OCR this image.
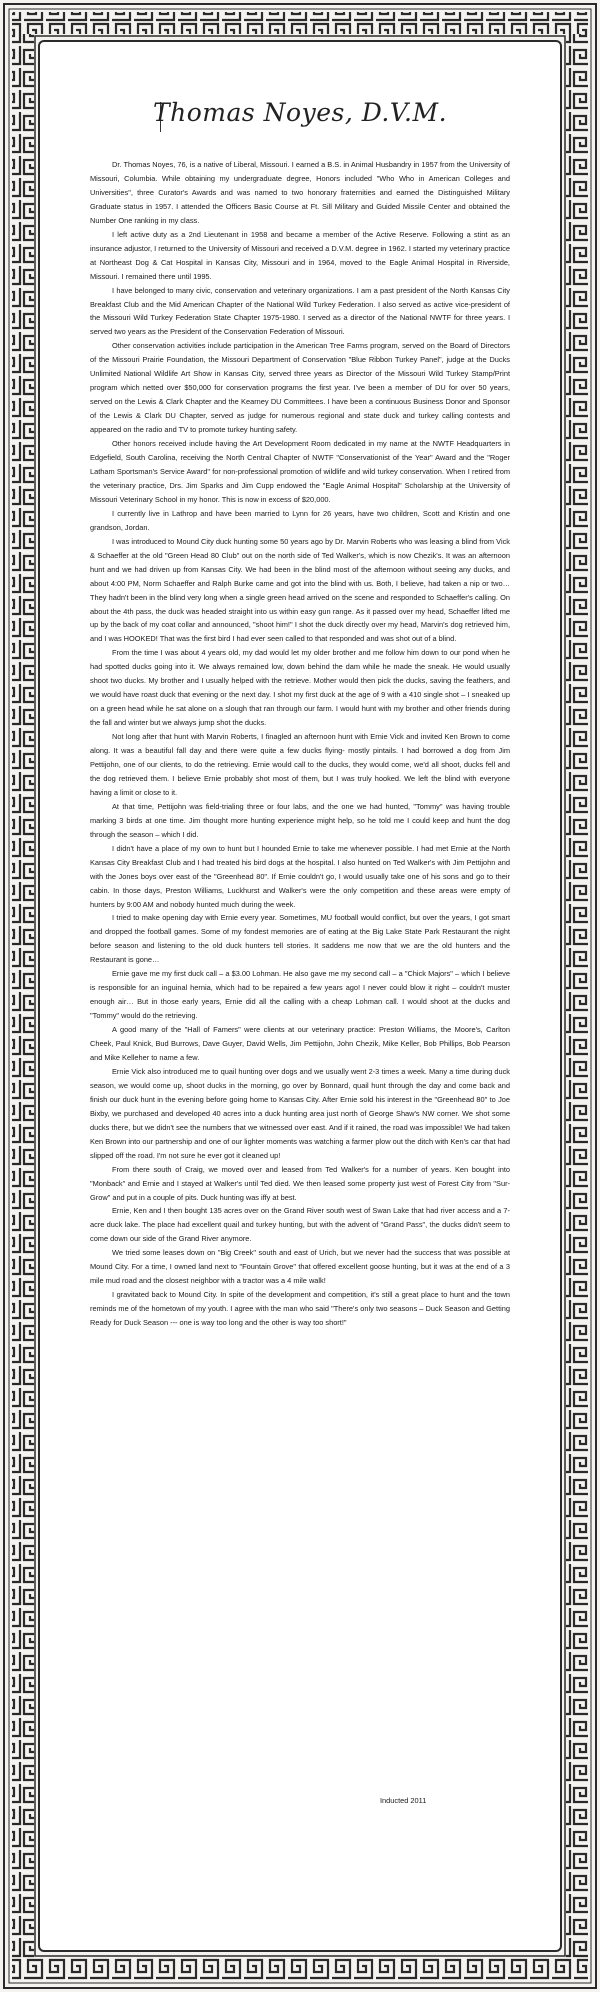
Thomas Noyes, D.V.M.

Dr. Thomas Noyes, 76, is a native of Liberal, Missouri. I earned a B.S. in Animal Husbandry in 1957 from the University of Missouri, Columbia. While obtaining my undergraduate degree, Honors included "Who Who in American Colleges and Universities", three Curator's Awards and was named to two honorary fraternities and earned the Distinguished Military Graduate status in 1957. I attended the Officers Basic Course at Ft. Sill Military and Guided Missile Center and obtained the Number One ranking in my class.

I left active duty as a 2nd Lieutenant in 1958 and became a member of the Active Reserve. Following a stint as an insurance adjustor, I returned to the University of Missouri and received a D.V.M. degree in 1962. I started my veterinary practice at Northeast Dog & Cat Hospital in Kansas City, Missouri and in 1964, moved to the Eagle Animal Hospital in Riverside, Missouri. I remained there until 1995.

I have belonged to many civic, conservation and veterinary organizations. I am a past president of the North Kansas City Breakfast Club and the Mid American Chapter of the National Wild Turkey Federation. I also served as active vice-president of the Missouri Wild Turkey Federation State Chapter 1975-1980. I served as a director of the National NWTF for three years. I served two years as the President of the Conservation Federation of Missouri.

Other conservation activities include participation in the American Tree Farms program, served on the Board of Directors of the Missouri Prairie Foundation, the Missouri Department of Conservation "Blue Ribbon Turkey Panel", judge at the Ducks Unlimited National Wildlife Art Show in Kansas City, served three years as Director of the Missouri Wild Turkey Stamp/Print program which netted over $50,000 for conservation programs the first year. I've been a member of DU for over 50 years, served on the Lewis & Clark Chapter and the Kearney DU Committees. I have been a continuous Business Donor and Sponsor of the Lewis & Clark DU Chapter, served as judge for numerous regional and state duck and turkey calling contests and appeared on the radio and TV to promote turkey hunting safety.

Other honors received include having the Art Development Room dedicated in my name at the NWTF Headquarters in Edgefield, South Carolina, receiving the North Central Chapter of NWTF "Conservationist of the Year" Award and the "Roger Latham Sportsman's Service Award" for non-professional promotion of wildlife and wild turkey conservation. When I retired from the veterinary practice, Drs. Jim Sparks and Jim Cupp endowed the "Eagle Animal Hospital" Scholarship at the University of Missouri Veterinary School in my honor. This is now in excess of $20,000.

I currently live in Lathrop and have been married to Lynn for 26 years, have two children, Scott and Kristin and one grandson, Jordan.

I was introduced to Mound City duck hunting some 50 years ago by Dr. Marvin Roberts who was leasing a blind from Vick & Schaeffer at the old "Green Head 80 Club" out on the north side of Ted Walker's, which is now Chezik's. It was an afternoon hunt and we had driven up from Kansas City. We had been in the blind most of the afternoon without seeing any ducks, and about 4:00 PM, Norm Schaeffer and Ralph Burke came and got into the blind with us. Both, I believe, had taken a nip or two… They hadn't been in the blind very long when a single green head arrived on the scene and responded to Schaeffer's calling. On about the 4th pass, the duck was headed straight into us within easy gun range. As it passed over my head, Schaeffer lifted me up by the back of my coat collar and announced, "shoot him!" I shot the duck directly over my head, Marvin's dog retrieved him, and I was HOOKED! That was the first bird I had ever seen called to that responded and was shot out of a blind.

From the time I was about 4 years old, my dad would let my older brother and me follow him down to our pond when he had spotted ducks going into it. We always remained low, down behind the dam while he made the sneak. He would usually shoot two ducks. My brother and I usually helped with the retrieve. Mother would then pick the ducks, saving the feathers, and we would have roast duck that evening or the next day. I shot my first duck at the age of 9 with a 410 single shot – I sneaked up on a green head while he sat alone on a slough that ran through our farm. I would hunt with my brother and other friends during the fall and winter but we always jump shot the ducks.

Not long after that hunt with Marvin Roberts, I finagled an afternoon hunt with Ernie Vick and invited Ken Brown to come along. It was a beautiful fall day and there were quite a few ducks flying- mostly pintails. I had borrowed a dog from Jim Pettijohn, one of our clients, to do the retrieving. Ernie would call to the ducks, they would come, we'd all shoot, ducks fell and the dog retrieved them. I believe Ernie probably shot most of them, but I was truly hooked. We left the blind with everyone having a limit or close to it.

At that time, Pettijohn was field-trialing three or four labs, and the one we had hunted, "Tommy" was having trouble marking 3 birds at one time. Jim thought more hunting experience might help, so he told me I could keep and hunt the dog through the season – which I did.

I didn't have a place of my own to hunt but I hounded Ernie to take me whenever possible. I had met Ernie at the North Kansas City Breakfast Club and I had treated his bird dogs at the hospital. I also hunted on Ted Walker's with Jim Pettijohn and with the Jones boys over east of the "Greenhead 80". If Ernie couldn't go, I would usually take one of his sons and go to their cabin. In those days, Preston Williams, Luckhurst and Walker's were the only competition and these areas were empty of hunters by 9:00 AM and nobody hunted much during the week.

I tried to make opening day with Ernie every year. Sometimes, MU football would conflict, but over the years, I got smart and dropped the football games. Some of my fondest memories are of eating at the Big Lake State Park Restaurant the night before season and listening to the old duck hunters tell stories. It saddens me now that we are the old hunters and the Restaurant is gone…

Ernie gave me my first duck call – a $3.00 Lohman. He also gave me my second call – a "Chick Majors" – which I believe is responsible for an inguinal hernia, which had to be repaired a few years ago! I never could blow it right – couldn't muster enough air… But in those early years, Ernie did all the calling with a cheap Lohman call. I would shoot at the ducks and "Tommy" would do the retrieving.

A good many of the "Hall of Famers" were clients at our veterinary practice: Preston Williams, the Moore's, Carlton Cheek, Paul Knick, Bud Burrows, Dave Guyer, David Wells, Jim Pettijohn, John Chezik, Mike Keller, Bob Phillips, Bob Pearson and Mike Kelleher to name a few.

Ernie Vick also introduced me to quail hunting over dogs and we usually went 2-3 times a week. Many a time during duck season, we would come up, shoot ducks in the morning, go over by Bonnard, quail hunt through the day and come back and finish our duck hunt in the evening before going home to Kansas City. After Ernie sold his interest in the "Greenhead 80" to Joe Bixby, we purchased and developed 40 acres into a duck hunting area just north of George Shaw's NW corner. We shot some ducks there, but we didn't see the numbers that we witnessed over east. And if it rained, the road was impossible! We had taken Ken Brown into our partnership and one of our lighter moments was watching a farmer plow out the ditch with Ken's car that had slipped off the road. I'm not sure he ever got it cleaned up!

From there south of Craig, we moved over and leased from Ted Walker's for a number of years. Ken bought into "Monback" and Ernie and I stayed at Walker's until Ted died. We then leased some property just west of Forest City from "Sur-Grow" and put in a couple of pits. Duck hunting was iffy at best.

Ernie, Ken and I then bought 135 acres over on the Grand River south west of Swan Lake that had river access and a 7-acre duck lake. The place had excellent quail and turkey hunting, but with the advent of "Grand Pass", the ducks didn't seem to come down our side of the Grand River anymore.

We tried some leases down on "Big Creek" south and east of Urich, but we never had the success that was possible at Mound City. For a time, I owned land next to "Fountain Grove" that offered excellent goose hunting, but it was at the end of a 3 mile mud road and the closest neighbor with a tractor was a 4 mile walk!

I gravitated back to Mound City. In spite of the development and competition, it's still a great place to hunt and the town reminds me of the hometown of my youth. I agree with the man who said "There's only two seasons – Duck Season and Getting Ready for Duck Season --- one is way too long and the other is way too short!"

Inducted 2011
